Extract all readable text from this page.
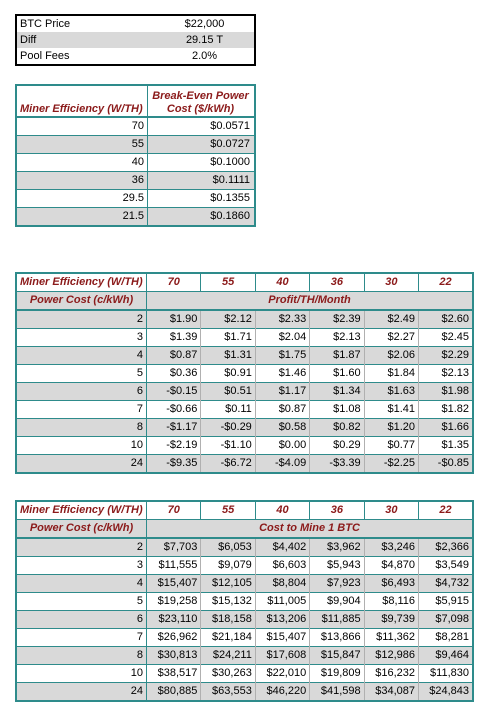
BTC Price	$22,000
Diff	29.15 T
Pool Fees	2.0%
Miner Efficiency (W/TH)	Break-Even Power
Cost ($/kWh)

70	$0.0571
55	$0.0727
40	$0.1000
36	$0.1111
29.5	$0.1355
21.5	$0.1860
Miner Efficiency (W/TH)	70	55	40	36	30	22
Power Cost (c/kWh)	Profit/TH/Month					
2	$1.90	$2.12	$2.33	$2.39	$2.49	$2.60
3	$1.39	$1.71	$2.04	$2.13	$2.27	$2.45
4	$0.87	$1.31	$1.75	$1.87	$2.06	$2.29
5	$0.36	$0.91	$1.46	$1.60	$1.84	$2.13
6	-$0.15	$0.51	$1.17	$1.34	$1.63	$1.98
7	-$0.66	$0.11	$0.87	$1.08	$1.41	$1.82
8	-$1.17	-$0.29	$0.58	$0.82	$1.20	$1.66
10	-$2.19	-$1.10	$0.00	$0.29	$0.77	$1.35
24	-$9.35	-$6.72	-$4.09	-$3.39	-$2.25	-$0.85
Miner Efficiency (W/TH)	70	55	40	36	30	22
Power Cost (c/kWh)	Cost to Mine 1 BTC					
2	$7,703	$6,053	$4,402	$3,962	$3,246	$2,366
3	$11,555	$9,079	$6,603	$5,943	$4,870	$3,549
4	$15,407	$12,105	$8,804	$7,923	$6,493	$4,732
5	$19,258	$15,132	$11,005	$9,904	$8,116	$5,915
6	$23,110	$18,158	$13,206	$11,885	$9,739	$7,098
7	$26,962	$21,184	$15,407	$13,866	$11,362	$8,281
8	$30,813	$24,211	$17,608	$15,847	$12,986	$9,464
10	$38,517	$30,263	$22,010	$19,809	$16,232	$11,830
24	$80,885	$63,553	$46,220	$41,598	$34,087	$24,843
